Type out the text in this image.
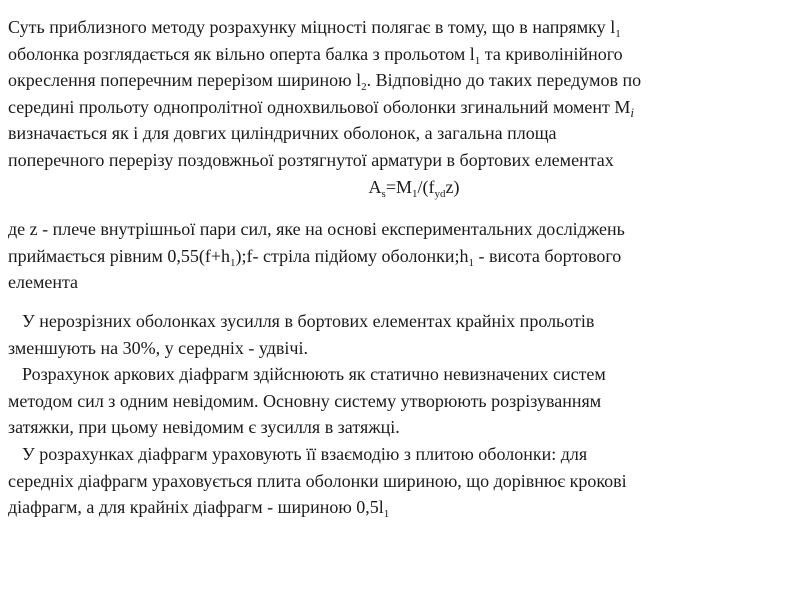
Суть приблизного методу розрахунку міцності полягає в тому, що в напрямку $l_1$

оболонка розглядається як вільно оперта балка з прольотом $l_1$ та криволінійного

окреслення поперечним перерізом шириною $l_2$. Відповідно до таких передумов по

середині прольоту однопролітної однохвильової оболонки згинальний момент $M_i$

визначається як і для довгих циліндричних оболонок, а загальна площа

поперечного перерізу поздовжньої розтягнутої арматури в бортових елементах

$A_s=M_1/(f_{yd}z)$

де z - плече внутрішньої пари сил, яке на основі експериментальних досліджень

приймається рівним $0,55(f+h_1);f-$ стріла підйому $оболонки;h_1$ - висота бортового

елемента

У нерозрізних оболонках зусилля в бортових елементах крайніх прольотів

зменшують на 30%, у середніх - удвічі.

Розрахунок аркових діафрагм здійснюють як статично невизначених систем

методом сил з одним невідомим. Основну систему утворюють розрізуванням

затяжки, при цьому невідомим є зусилля в затяжці.

У розрахунках діафрагм ураховують її взаємодію з плитою оболонки: для

середніх діафрагм ураховується плита оболонки шириною, що дорівнює кроковi

діафрагм, а для крайніх діафрагм - шириною $0,5l_1$
